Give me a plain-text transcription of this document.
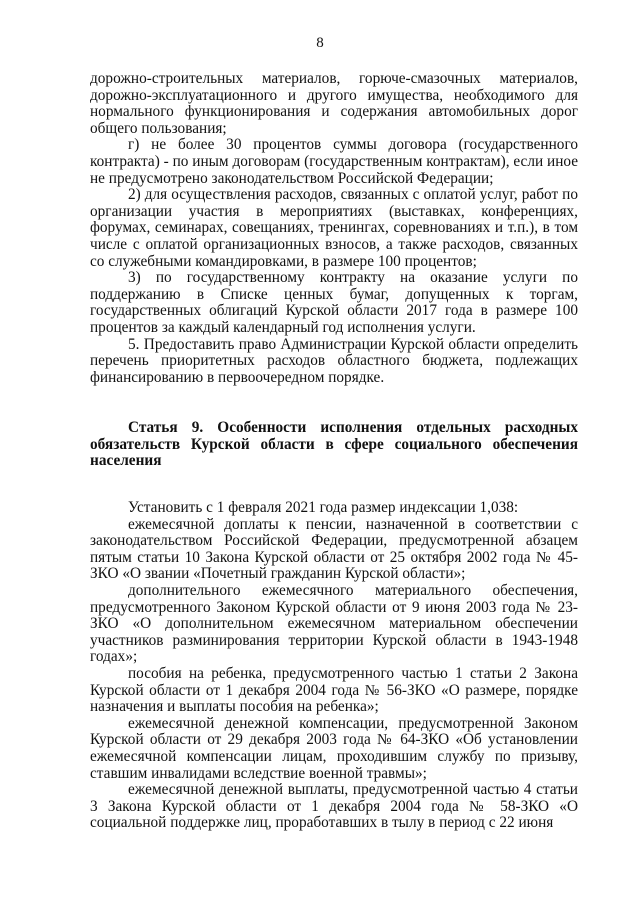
8

дорожно-строительных материалов, горюче-смазочных материалов, дорожно-эксплуатационного и другого имущества, необходимого для нормального функционирования и содержания автомобильных дорог общего пользования;

г) не более 30 процентов суммы договора (государственного контракта) - по иным договорам (государственным контрактам), если иное не предусмотрено законодательством Российской Федерации;

2) для осуществления расходов, связанных с оплатой услуг, работ по организации участия в мероприятиях (выставках, конференциях, форумах, семинарах, совещаниях, тренингах, соревнованиях и т.п.), в том числе с оплатой организационных взносов, а также расходов, связанных со служебными командировками, в размере 100 процентов;

3) по государственному контракту на оказание услуги по поддержанию в Списке ценных бумаг, допущенных к торгам, государственных облигаций Курской области 2017 года в размере 100 процентов за каждый календарный год исполнения услуги.

5. Предоставить право Администрации Курской области определить перечень приоритетных расходов областного бюджета, подлежащих финансированию в первоочередном порядке.

Статья 9. Особенности исполнения отдельных расходных обязательств Курской области в сфере социального обеспечения населения

Установить с 1 февраля 2021 года размер индексации 1,038:

ежемесячной доплаты к пенсии, назначенной в соответствии с законодательством Российской Федерации, предусмотренной абзацем пятым статьи 10 Закона Курской области от 25 октября 2002 года № 45-ЗКО «О звании «Почетный гражданин Курской области»;

дополнительного ежемесячного материального обеспечения, предусмотренного Законом Курской области от 9 июня 2003 года № 23-ЗКО «О дополнительном ежемесячном материальном обеспечении участников разминирования территории Курской области в 1943-1948 годах»;

пособия на ребенка, предусмотренного частью 1 статьи 2 Закона Курской области от 1 декабря 2004 года № 56-ЗКО «О размере, порядке назначения и выплаты пособия на ребенка»;

ежемесячной денежной компенсации, предусмотренной Законом Курской области от 29 декабря 2003 года № 64-ЗКО «Об установлении ежемесячной компенсации лицам, проходившим службу по призыву, ставшим инвалидами вследствие военной травмы»;

ежемесячной денежной выплаты, предусмотренной частью 4 статьи 3 Закона Курской области от 1 декабря 2004 года № 58-ЗКО «О социальной поддержке лиц, проработавших в тылу в период с 22 июня
